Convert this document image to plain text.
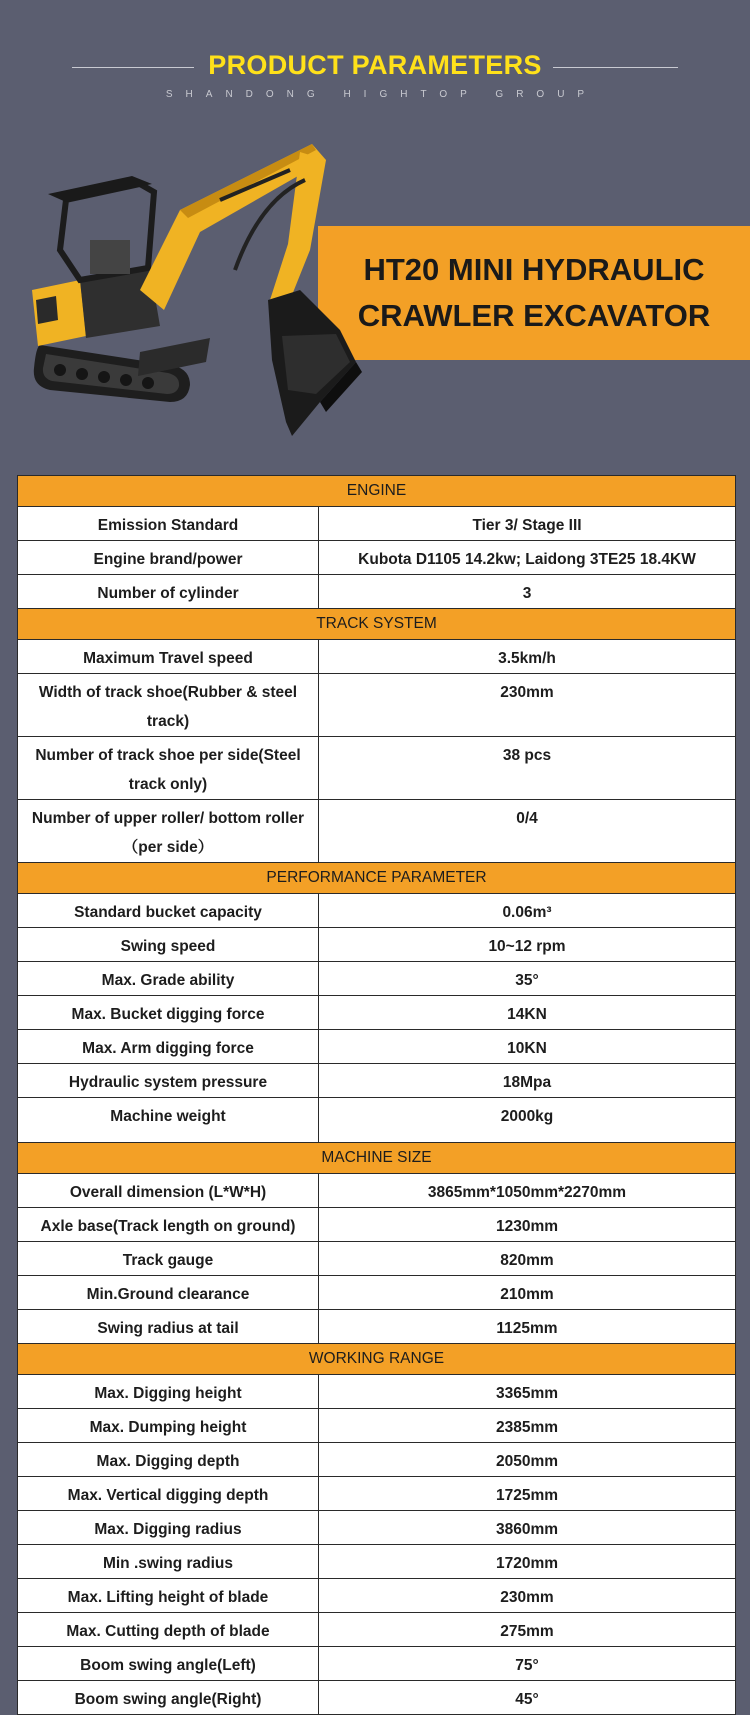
PRODUCT PARAMETERS
SHANDONG HIGHTOP GROUP
HT20 MINI HYDRAULIC
CRAWLER EXCAVATOR
ENGINE	
Emission Standard	Tier 3/ Stage III
Engine brand/power	Kubota D1105 14.2kw; Laidong 3TE25 18.4KW
Number of cylinder	3
TRACK SYSTEM	
Maximum Travel speed	3.5km/h
Width of track shoe(Rubber & steel track)	230mm
Number of track shoe per side(Steel track only)	38 pcs
Number of upper roller/ bottom roller（per side）	0/4
PERFORMANCE PARAMETER	
Standard bucket capacity	0.06m³
Swing speed	10~12 rpm
Max. Grade ability	35°
Max. Bucket digging force	14KN
Max. Arm digging force	10KN
Hydraulic system pressure	18Mpa
Machine weight	2000kg
MACHINE SIZE	
Overall dimension (L*W*H)	3865mm*1050mm*2270mm
Axle base(Track length on ground)	1230mm
Track gauge	820mm
Min.Ground clearance	210mm
Swing radius at tail	1125mm
WORKING RANGE	
Max. Digging height	3365mm
Max. Dumping height	2385mm
Max. Digging depth	2050mm
Max. Vertical digging depth	1725mm
Max. Digging radius	3860mm
Min .swing radius	1720mm
Max. Lifting height of blade	230mm
Max. Cutting depth of blade	275mm
Boom swing angle(Left)	75°
Boom swing angle(Right)	45°
